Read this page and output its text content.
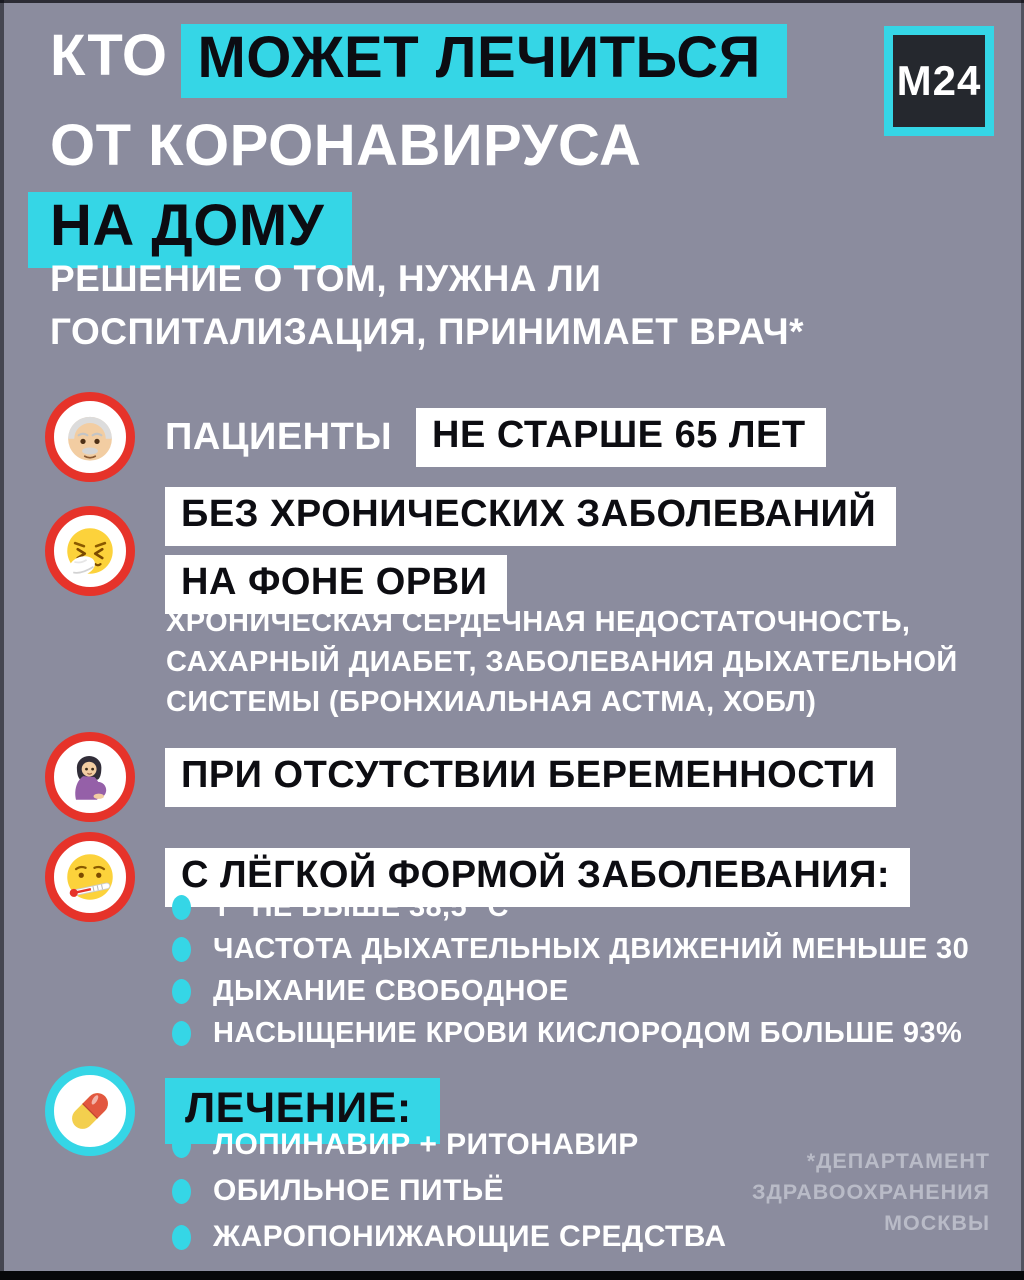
М24
КТО МОЖЕТ ЛЕЧИТЬСЯ
ОТ КОРОНАВИРУСА
НА ДОМУ
РЕШЕНИЕ О ТОМ, НУЖНА ЛИ
ГОСПИТАЛИЗАЦИЯ, ПРИНИМАЕТ ВРАЧ*
ПАЦИЕНТЫ	НЕ СТАРШЕ 65 ЛЕТ
БЕЗ ХРОНИЧЕСКИХ ЗАБОЛЕВАНИЙ
НА ФОНЕ ОРВИ
ХРОНИЧЕСКАЯ СЕРДЕЧНАЯ НЕДОСТАТОЧНОСТЬ,
САХАРНЫЙ ДИАБЕТ, ЗАБОЛЕВАНИЯ ДЫХАТЕЛЬНОЙ
СИСТЕМЫ (БРОНХИАЛЬНАЯ АСТМА, ХОБЛ)
ПРИ ОТСУТСТВИИ БЕРЕМЕННОСТИ
С ЛЁГКОЙ ФОРМОЙ ЗАБОЛЕВАНИЯ:
Т° НЕ ВЫШЕ 38,5 °С
ЧАСТОТА ДЫХАТЕЛЬНЫХ ДВИЖЕНИЙ МЕНЬШЕ 30
ДЫХАНИЕ СВОБОДНОЕ
НАСЫЩЕНИЕ КРОВИ КИСЛОРОДОМ БОЛЬШЕ 93%
ЛЕЧЕНИЕ:
ЛОПИНАВИР + РИТОНАВИР
ОБИЛЬНОЕ ПИТЬЁ
ЖАРОПОНИЖАЮЩИЕ СРЕДСТВА
*ДЕПАРТАМЕНТ
ЗДРАВООХРАНЕНИЯ
МОСКВЫ
